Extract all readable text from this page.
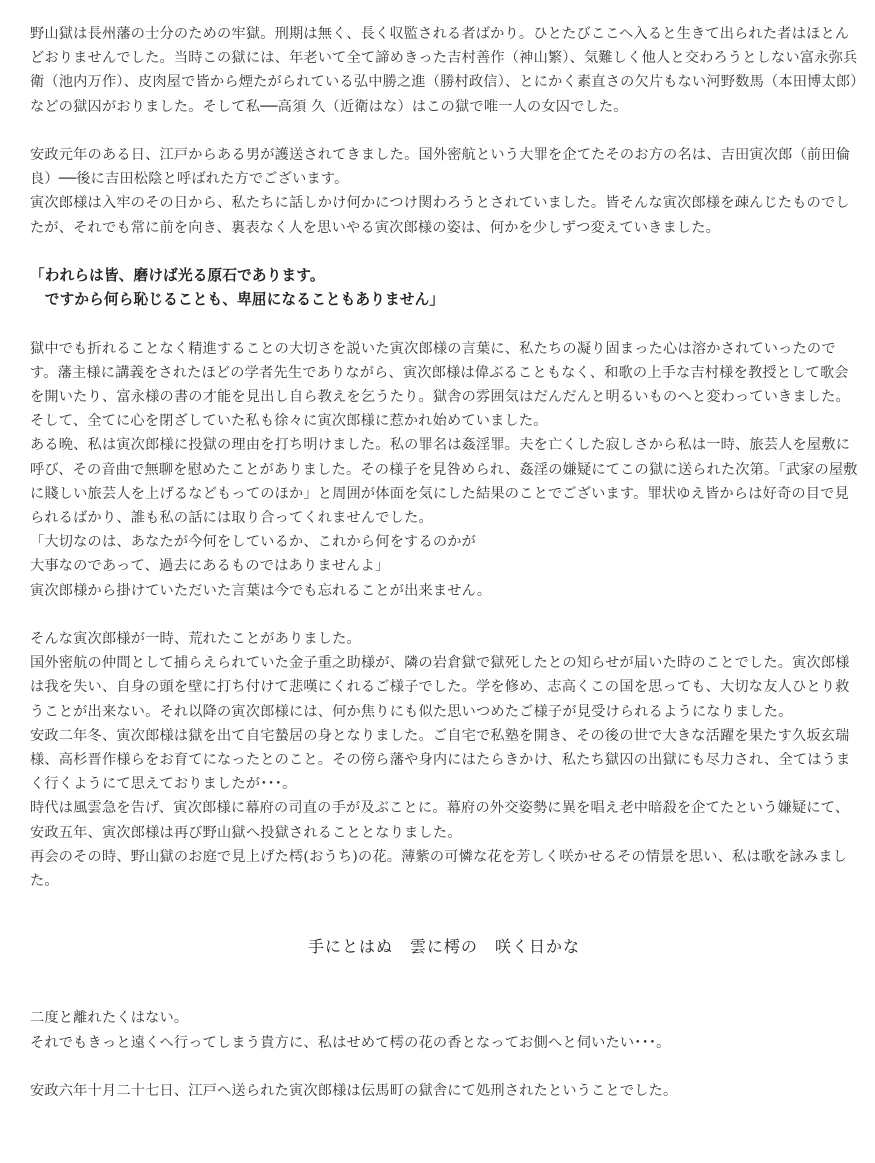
野山獄は長州藩の士分のための牢獄。刑期は無く、長く収監される者ばかり。ひとたびここへ入ると生きて出られた者はほとんどおりませんでした。当時この獄には、年老いて全て諦めきった吉村善作（神山繁）、気難しく他人と交わろうとしない富永弥兵衛（池内万作）、皮肉屋で皆から煙たがられている弘中勝之進（勝村政信）、とにかく素直さの欠片もない河野数馬（本田博太郎）などの獄囚がおりました。そして私──高須 久（近衛はな）はこの獄で唯一人の女囚でした。

安政元年のある日、江戸からある男が護送されてきました。国外密航という大罪を企てたそのお方の名は、吉田寅次郎（前田倫良）──後に吉田松陰と呼ばれた方でございます。

寅次郎様は入牢のその日から、私たちに話しかけ何かにつけ関わろうとされていました。皆そんな寅次郎様を疎んじたものでしたが、それでも常に前を向き、裏表なく人を思いやる寅次郎様の姿は、何かを少しずつ変えていきました。

「われらは皆、磨けば光る原石であります。

　ですから何ら恥じることも、卑屈になることもありません」

獄中でも折れることなく精進することの大切さを説いた寅次郎様の言葉に、私たちの凝り固まった心は溶かされていったのです。藩主様に講義をされたほどの学者先生でありながら、寅次郎様は偉ぶることもなく、和歌の上手な吉村様を教授として歌会を開いたり、富永様の書の才能を見出し自ら教えを乞うたり。獄舎の雰囲気はだんだんと明るいものへと変わっていきました。そして、全てに心を閉ざしていた私も徐々に寅次郎様に惹かれ始めていました。

ある晩、私は寅次郎様に投獄の理由を打ち明けました。私の罪名は姦淫罪。夫を亡くした寂しさから私は一時、旅芸人を屋敷に呼び、その音曲で無聊を慰めたことがありました。その様子を見咎められ、姦淫の嫌疑にてこの獄に送られた次第。「武家の屋敷に賤しい旅芸人を上げるなどもってのほか」と周囲が体面を気にした結果のことでございます。罪状ゆえ皆からは好奇の目で見られるばかり、誰も私の話には取り合ってくれませんでした。

「大切なのは、あなたが今何をしているか、これから何をするのかが

大事なのであって、過去にあるものではありませんよ」

寅次郎様から掛けていただいた言葉は今でも忘れることが出来ません。

そんな寅次郎様が一時、荒れたことがありました。

国外密航の仲間として捕らえられていた金子重之助様が、隣の岩倉獄で獄死したとの知らせが届いた時のことでした。寅次郎様は我を失い、自身の頭を壁に打ち付けて悲嘆にくれるご様子でした。学を修め、志高くこの国を思っても、大切な友人ひとり救うことが出来ない。それ以降の寅次郎様には、何か焦りにも似た思いつめたご様子が見受けられるようになりました。

安政二年冬、寅次郎様は獄を出て自宅蟄居の身となりました。ご自宅で私塾を開き、その後の世で大きな活躍を果たす久坂玄瑞様、高杉晋作様らをお育てになったとのこと。その傍ら藩や身内にはたらきかけ、私たち獄囚の出獄にも尽力され、全てはうまく行くようにて思えておりましたが･･･。

時代は風雲急を告げ、寅次郎様に幕府の司直の手が及ぶことに。幕府の外交姿勢に異を唱え老中暗殺を企てたという嫌疑にて、安政五年、寅次郎様は再び野山獄へ投獄されることとなりました。

再会のその時、野山獄のお庭で見上げた樗(おうち)の花。薄紫の可憐な花を芳しく咲かせるその情景を思い、私は歌を詠みました。

手にとはぬ　雲に樗の　咲く日かな

二度と離れたくはない。

それでもきっと遠くへ行ってしまう貴方に、私はせめて樗の花の香となってお側へと伺いたい･･･。

安政六年十月二十七日、江戸へ送られた寅次郎様は伝馬町の獄舎にて処刑されたということでした。
